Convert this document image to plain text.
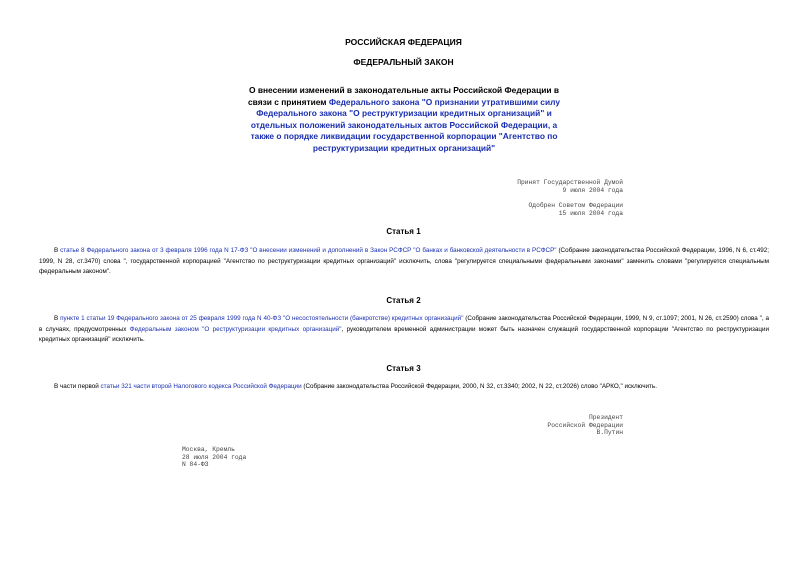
РОССИЙСКАЯ ФЕДЕРАЦИЯ
ФЕДЕРАЛЬНЫЙ ЗАКОН
О внесении изменений в законодательные акты Российской Федерации в связи с принятием Федерального закона "О признании утратившими силу Федерального закона "О реструктуризации кредитных организаций" и отдельных положений законодательных актов Российской Федерации, а также о порядке ликвидации государственной корпорации "Агентство по реструктуризации кредитных организаций"
Принят Государственной Думой
9 июля 2004 года
Одобрен Советом Федерации
15 июля 2004 года
Статья 1
В статье 8 Федерального закона от 3 февраля 1996 года N 17-ФЗ "О внесении изменений и дополнений в Закон РСФСР "О банках и банковской деятельности в РСФСР" (Собрание законодательства Российской Федерации, 1996, N 6, ст.492; 1999, N 28, ст.3470) слова ", государственной корпорацией "Агентство по реструктуризации кредитных организаций" исключить, слова "регулируется специальными федеральными законами" заменить словами "регулируется специальным федеральным законом".
Статья 2
В пункте 1 статьи 19 Федерального закона от 25 февраля 1999 года N 40-ФЗ "О несостоятельности (банкротстве) кредитных организаций" (Собрание законодательства Российской Федерации, 1999, N 9, ст.1097; 2001, N 26, ст.2590) слова ", а в случаях, предусмотренных Федеральным законом "О реструктуризации кредитных организаций", руководителем временной администрации может быть назначен служащий государственной корпорации "Агентство по реструктуризации кредитных организаций" исключить.
Статья 3
В части первой статьи 321 части второй Налогового кодекса Российской Федерации (Собрание законодательства Российской Федерации, 2000, N 32, ст.3340; 2002, N 22, ст.2026) слово "АРКО," исключить.
Президент
Российской Федерации
В.Путин
Москва, Кремль
28 июля 2004 года
N 84-ФЗ
